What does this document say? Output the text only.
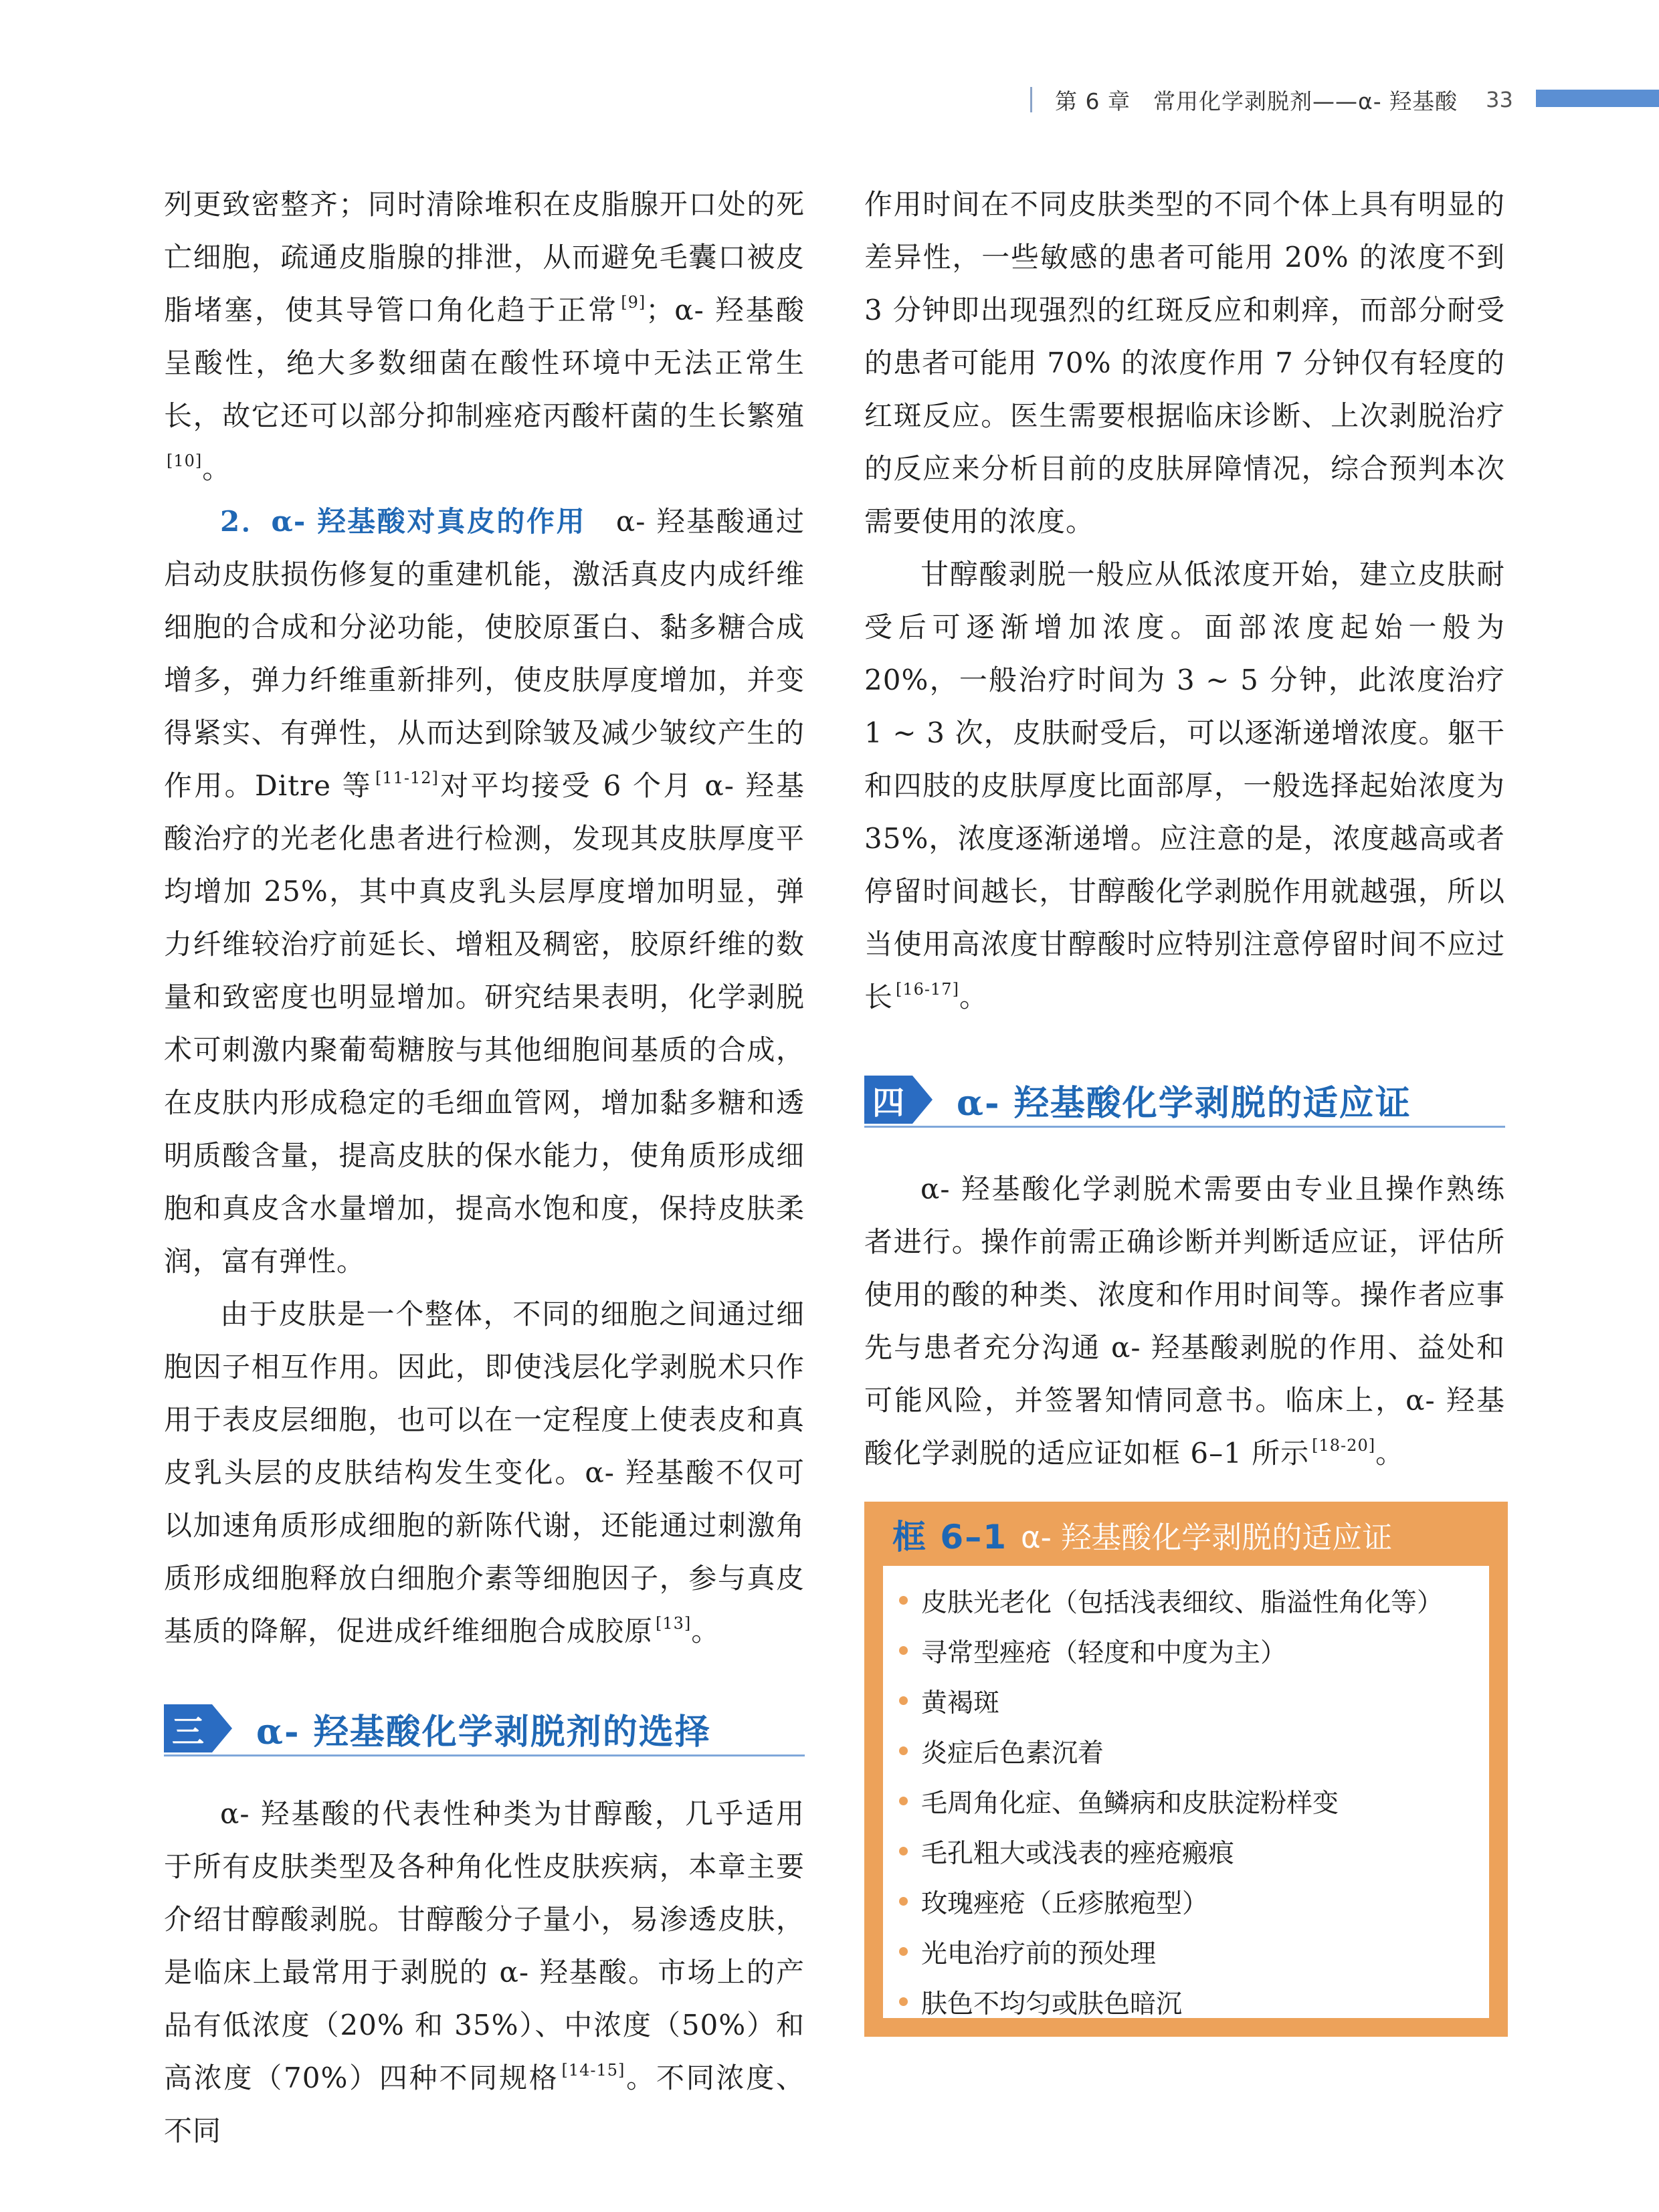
第 6 章　常用化学剥脱剂——α- 羟基酸 33

列更致密整齐；同时清除堆积在皮脂腺开口处的死亡细胞，疏通皮脂腺的排泄，从而避免毛囊口被皮脂堵塞，使其导管口角化趋于正常 [9]；α- 羟基酸呈酸性，绝大多数细菌在酸性环境中无法正常生长，故它还可以部分抑制痤疮丙酸杆菌的生长繁殖[10]。

2．α- 羟基酸对真皮的作用　α- 羟基酸通过启动皮肤损伤修复的重建机能，激活真皮内成纤维细胞的合成和分泌功能，使胶原蛋白、黏多糖合成增多，弹力纤维重新排列，使皮肤厚度增加，并变得紧实、有弹性，从而达到除皱及减少皱纹产生的作用。Ditre 等 [11-12]对平均接受 6 个月 α- 羟基酸治疗的光老化患者进行检测，发现其皮肤厚度平均增加 25%，其中真皮乳头层厚度增加明显，弹力纤维较治疗前延长、增粗及稠密，胶原纤维的数量和致密度也明显增加。研究结果表明，化学剥脱术可刺激内聚葡萄糖胺与其他细胞间基质的合成，在皮肤内形成稳定的毛细血管网，增加黏多糖和透明质酸含量，提高皮肤的保水能力，使角质形成细胞和真皮含水量增加，提高水饱和度，保持皮肤柔润，富有弹性。

由于皮肤是一个整体，不同的细胞之间通过细胞因子相互作用。因此，即使浅层化学剥脱术只作用于表皮层细胞，也可以在一定程度上使表皮和真皮乳头层的皮肤结构发生变化。α- 羟基酸不仅可以加速角质形成细胞的新陈代谢，还能通过刺激角质形成细胞释放白细胞介素等细胞因子，参与真皮基质的降解，促进成纤维细胞合成胶原 [13]。

三 α- 羟基酸化学剥脱剂的选择

α- 羟基酸的代表性种类为甘醇酸，几乎适用于所有皮肤类型及各种角化性皮肤疾病，本章主要介绍甘醇酸剥脱。甘醇酸分子量小，易渗透皮肤，是临床上最常用于剥脱的 α- 羟基酸。市场上的产品有低浓度（20% 和 35%）、中浓度（50%）和高浓度（70%）四种不同规格 [14-15]。不同浓度、不同

作用时间在不同皮肤类型的不同个体上具有明显的差异性，一些敏感的患者可能用 20% 的浓度不到 3 分钟即出现强烈的红斑反应和刺痒，而部分耐受的患者可能用 70% 的浓度作用 7 分钟仅有轻度的红斑反应。医生需要根据临床诊断、上次剥脱治疗的反应来分析目前的皮肤屏障情况，综合预判本次需要使用的浓度。

甘醇酸剥脱一般应从低浓度开始，建立皮肤耐受后可逐渐增加浓度。面部浓度起始一般为 20%，一般治疗时间为 3 ~ 5 分钟，此浓度治疗 1 ~ 3 次，皮肤耐受后，可以逐渐递增浓度。躯干和四肢的皮肤厚度比面部厚，一般选择起始浓度为 35%，浓度逐渐递增。应注意的是，浓度越高或者停留时间越长，甘醇酸化学剥脱作用就越强，所以当使用高浓度甘醇酸时应特别注意停留时间不应过长 [16-17]。

四 α- 羟基酸化学剥脱的适应证

α- 羟基酸化学剥脱术需要由专业且操作熟练者进行。操作前需正确诊断并判断适应证，评估所使用的酸的种类、浓度和作用时间等。操作者应事先与患者充分沟通 α- 羟基酸剥脱的作用、益处和可能风险，并签署知情同意书。临床上，α- 羟基酸化学剥脱的适应证如框 6–1 所示 [18-20]。

框 6–1 α- 羟基酸化学剥脱的适应证
皮肤光老化（包括浅表细纹、脂溢性角化等）
寻常型痤疮（轻度和中度为主）
黄褐斑
炎症后色素沉着
毛周角化症、鱼鳞病和皮肤淀粉样变
毛孔粗大或浅表的痤疮瘢痕
玫瑰痤疮（丘疹脓疱型）
光电治疗前的预处理
肤色不均匀或肤色暗沉
